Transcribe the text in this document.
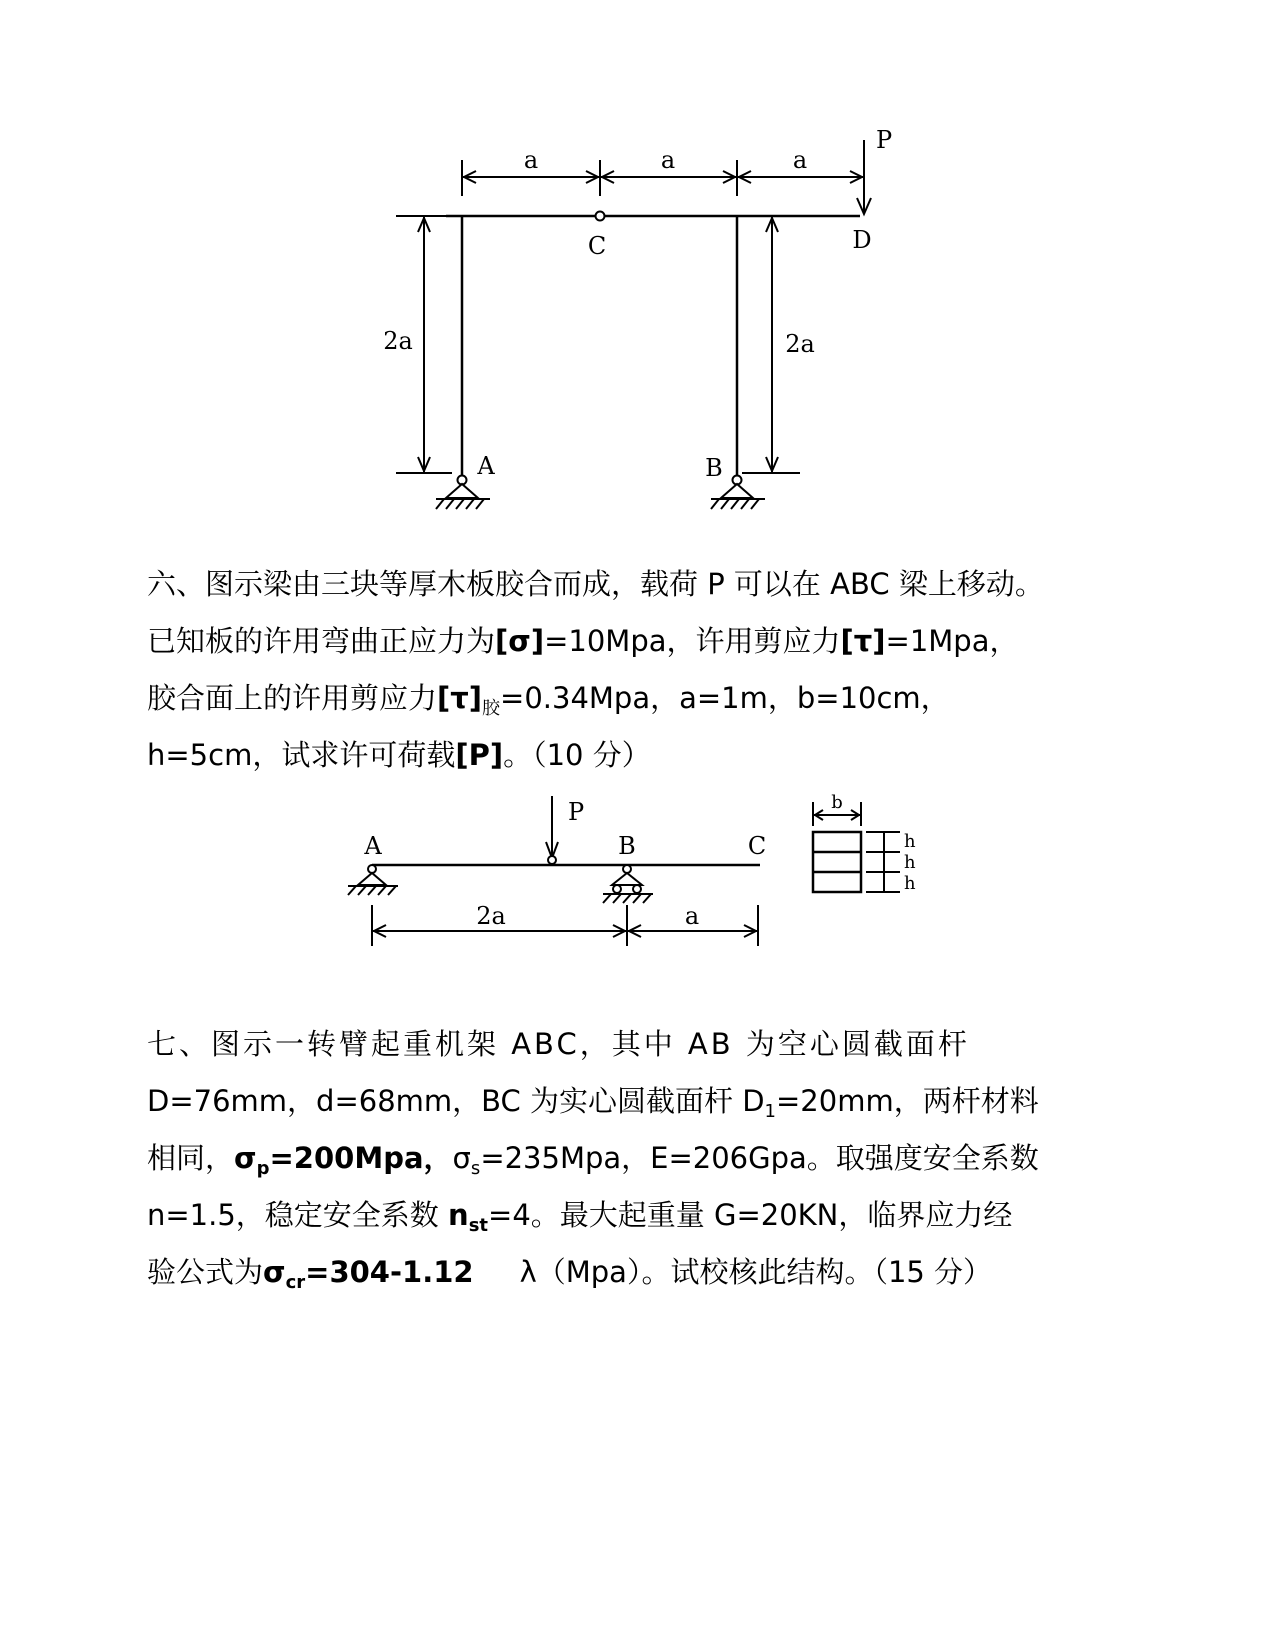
a	a	a
P
C	D
2a	2a
A	B
六、图示梁由三块等厚木板胶合而成，载荷 P 可以在 ABC 梁上移动。
已知板的许用弯曲正应力为[σ]=10Mpa，许用剪应力[τ]=1Mpa，
胶合面上的许用剪应力$[\tau]_胶=0.34Mpa$，a=1m，b=10cm，
h=5cm，试求许可荷载[P]。（10 分）
P
A	B	C
2a	a
b
h
h
h
七、图示一转臂起重机架 ABC，其中 AB 为空心圆截面杆
D=76mm，d=68mm，BC 为实心圆截面杆 $D_1=20mm$，两杆材料
相同，$\sigma_p=200Mpa$，$\sigma_s=235Mpa$，E=206Gpa。取强度安全系数
n=1.5，稳定安全系数 $n_{st}=4$。最大起重量 G=20KN，临界应力经
验公式为$\sigma_{cr}=304-1.12$ λ（Mpa）。试校核此结构。（15 分）
